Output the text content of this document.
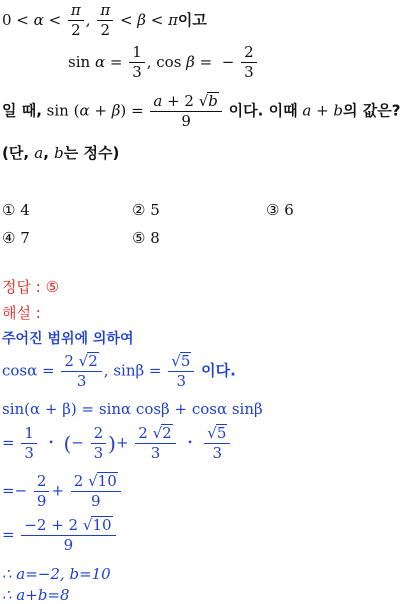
$0 < \alpha < \frac{\pi}{2}$ , $\frac{\pi}{2} < \beta < \pi$이고
$\sin \alpha = \frac{1}{3}$ , cos β =  − $\frac{2}{3}$
일 때, $\sin (\alpha + \beta) = \frac{a + 2 √b}{9}$ 이다. 이때 a + b의 값은?
(단, a, b는 정수)
① 4	② 5	③ 6
④ 7	⑤ 8
정답 : ⑤
해설 :
주어진 범위에 의하여
$\cos\alpha = \frac{2 √2}{3}$ , $\sin\beta = \frac{√5}{3}$ 이다.
sin(α + β) = sinα cosβ + cosα sinβ
= $\frac{1}{3}$ ・ (− $\frac{2}{3}$ )+ $\frac{2 √2}{3}$ ・ $\frac{√5}{3}$
=− $\frac{2}{9} + \frac{2 √10}{9}$
= $\frac{-2 + 2 √10}{9}$
∴ a=−2, b=10
∴ a+b=8
